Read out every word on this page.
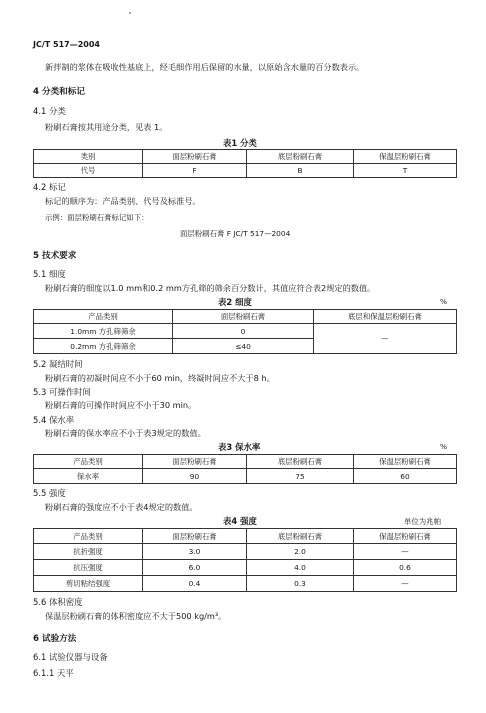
JC/T 517—2004
新拌制的浆体在吸收性基底上，经毛细作用后保留的水量，以原始含水量的百分数表示。
4 分类和标记
4.1 分类
粉刷石膏按其用途分类，见表 1。
表1 分类
类别	面层粉刷石膏	底层粉刷石膏	保温层粉刷石膏
代号	F	B	T
4.2 标记
标记的顺序为：产品类别、代号及标准号。
示例：面层粉刷石膏标记如下：
面层粉刷石膏 F JC/T 517—2004
5 技术要求
5.1 细度
粉刷石膏的细度以1.0 mm和0.2 mm方孔筛的筛余百分数计，其值应符合表2规定的数值。
表2 细度	%
产品类别	面层粉刷石膏	底层和保温层粉刷石膏
1.0mm 方孔筛筛余	0	—
0.2mm 方孔筛筛余	≤40	
5.2 凝结时间
粉刷石膏的初凝时间应不小于60 min，终凝时间应不大于8 h。
5.3 可操作时间
粉刷石膏的可操作时间应不小于30 min。
5.4 保水率
粉刷石膏的保水率应不小于表3规定的数值。
表3 保水率	%
产品类别	面层粉刷石膏	底层粉刷石膏	保温层粉刷石膏
保水率	90	75	60
5.5 强度
粉刷石膏的强度应不小于表4规定的数值。
表4 强度	单位为兆帕
产品类别	面层粉刷石膏	底层粉刷石膏	保温层粉刷石膏
抗折强度	3.0	2.0	—
抗压强度	6.0	4.0	0.6
剪切粘结强度	0.4	0.3	—
5.6 体积密度
保温层粉刷石膏的体积密度应不大于500 kg/m³。
6 试验方法
6.1 试验仪器与设备
6.1.1 天平
